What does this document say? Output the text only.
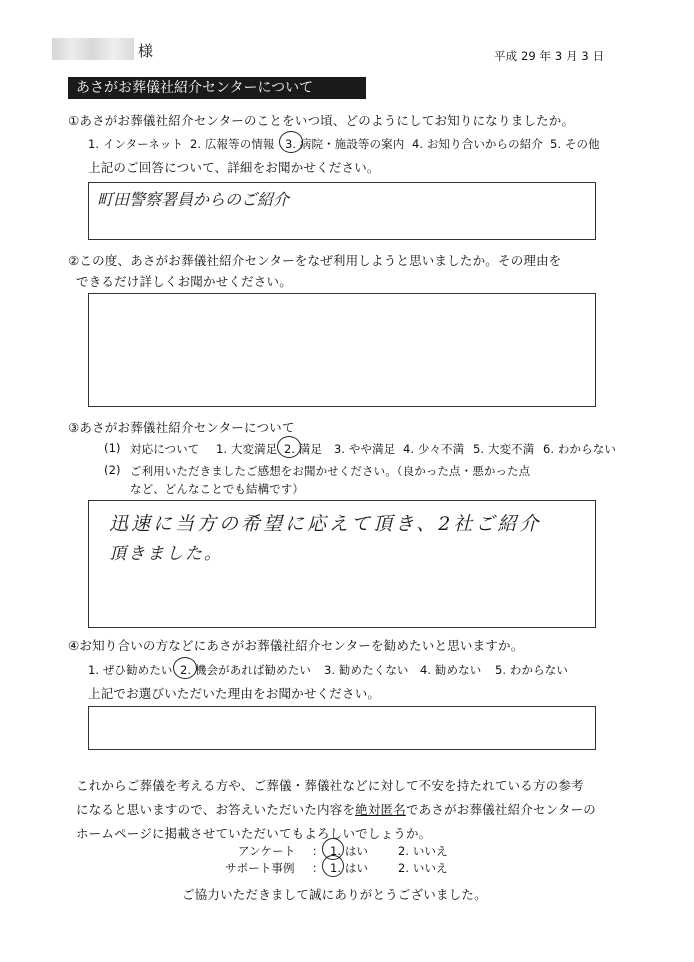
様	平成 29 年 3 月 3 日
あさがお葬儀社紹介センターについて
①あさがお葬儀社紹介センターのことをいつ頃、どのようにしてお知りになりましたか。
1. インターネット 2. 広報等の情報 3. 病院・施設等の案内 4. お知り合いからの紹介 5. その他
上記のご回答について、詳細をお聞かせください。
町田警察署員からのご紹介
②この度、あさがお葬儀社紹介センターをなぜ利用しようと思いましたか。その理由を
できるだけ詳しくお聞かせください。
③あさがお葬儀社紹介センターについて
(1) 対応について 1. 大変満足 2. 満足 3. やや満足 4. 少々不満 5. 大変不満 6. わからない
(2) ご利用いただきましたご感想をお聞かせください。（良かった点・悪かった点
など、どんなことでも結構です）
迅速に当方の希望に応えて頂き、2社ご紹介
頂きました。
④お知り合いの方などにあさがお葬儀社紹介センターを勧めたいと思いますか。
1. ぜひ勧めたい 2. 機会があれば勧めたい 3. 勧めたくない 4. 勧めない 5. わからない
上記でお選びいただいた理由をお聞かせください。
これからご葬儀を考える方や、ご葬儀・葬儀社などに対して不安を持たれている方の参考
になると思いますので、お答えいただいた内容を絶対匿名であさがお葬儀社紹介センターの
ホームページに掲載させていただいてもよろしいでしょうか。
アンケート ： 1. はい	2. いいえ
サポート事例 ： 1. はい	2. いいえ
ご協力いただきまして誠にありがとうございました。
